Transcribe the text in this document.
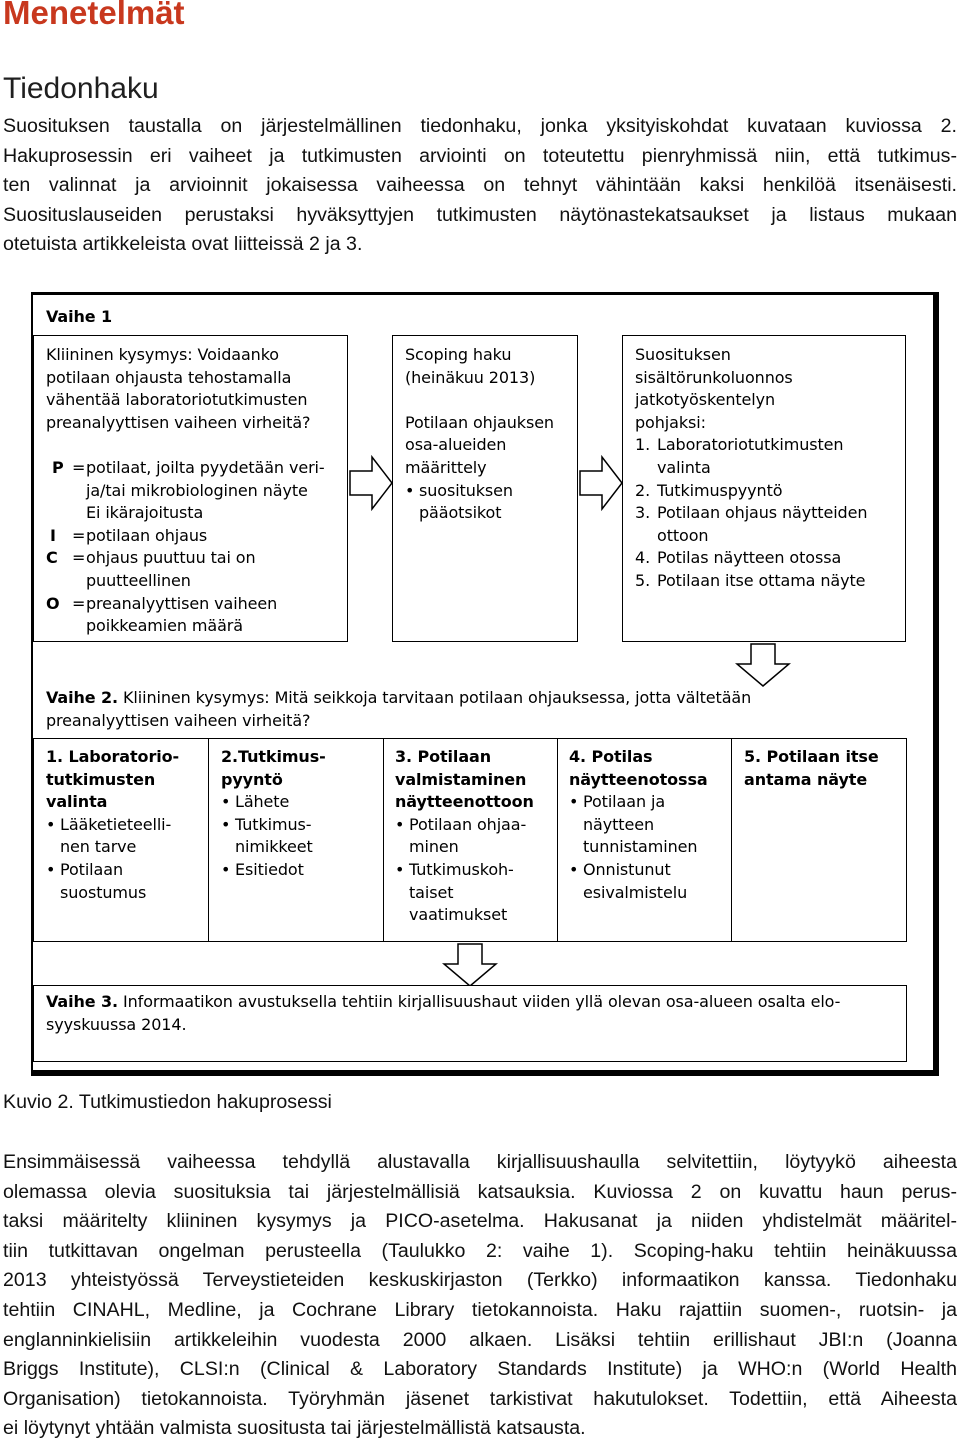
Menetelmät
Tiedonhaku

Suosituksen taustalla on järjestelmällinen tiedonhaku, jonka yksityiskohdat kuvataan kuviossa 2.
Hakuprosessin eri vaiheet ja tutkimusten arviointi on toteutettu pienryhmissä niin, että tutkimus-
ten valinnat ja arvioinnit jokaisessa vaiheessa on tehnyt vähintään kaksi henkilöä itsenäisesti.
Suosituslauseiden perustaksi hyväksyttyjen tutkimusten näytönastekatsaukset ja listaus mukaan
otetuista artikkeleista ovat liitteissä 2 ja 3.

Vaihe 1
Kliininen kysymys: Voidaanko
potilaan ohjausta tehostamalla
vähentää laboratoriotutkimusten
preanalyyttisen vaiheen virheitä?
P = potilaat, joilta pyydetään veri-
ja/tai mikrobiologinen näyte
Ei ikärajoitusta
I	= potilaan ohjaus
C = ohjaus puuttuu tai on
puutteellinen
O = preanalyyttisen vaiheen
poikkeamien määrä
Scoping haku
(heinäkuu 2013)
Potilaan ohjauksen
osa-alueiden
määrittely
• suosituksen
pääotsikot
Suosituksen
sisältörunkoluonnos
jatkotyöskentelyn
pohjaksi:
1. Laboratoriotutkimusten
valinta
2. Tutkimuspyyntö
3. Potilaan ohjaus näytteiden
ottoon
4. Potilas näytteen otossa
5. Potilaan itse ottama näyte
Vaihe 2. Kliininen kysymys: Mitä seikkoja tarvitaan potilaan ohjauksessa, jotta vältetään
preanalyyttisen vaiheen virheitä?
1. Laboratorio-
tutkimusten
valinta
• Lääketieteelli-
nen tarve
• Potilaan
suostumus
2.Tutkimus-
pyyntö
• Lähete
• Tutkimus-
nimikkeet
• Esitiedot
3. Potilaan
valmistaminen
näytteenottoon
• Potilaan ohjaa-
minen
• Tutkimuskoh-
taiset
vaatimukset
4. Potilas
näytteenotossa
• Potilaan ja
näytteen
tunnistaminen
• Onnistunut
esivalmistelu
5. Potilaan itse
antama näyte
Vaihe 3. Informaatikon avustuksella tehtiin kirjallisuushaut viiden yllä olevan osa-alueen osalta elo-
syyskuussa 2014.

Kuvio 2. Tutkimustiedon hakuprosessi

Ensimmäisessä vaiheessa tehdyllä alustavalla kirjallisuushaulla selvitettiin, löytyykö aiheesta
olemassa olevia suosituksia tai järjestelmällisiä katsauksia. Kuviossa 2 on kuvattu haun perus-
taksi määritelty kliininen kysymys ja PICO-asetelma. Hakusanat ja niiden yhdistelmät määritel-
tiin tutkittavan ongelman perusteella (Taulukko 2: vaihe 1). Scoping-haku tehtiin heinäkuussa
2013 yhteistyössä Terveystieteiden keskuskirjaston (Terkko) informaatikon kanssa. Tiedonhaku
tehtiin CINAHL, Medline, ja Cochrane Library tietokannoista. Haku rajattiin suomen-, ruotsin- ja
englanninkielisiin artikkeleihin vuodesta 2000 alkaen. Lisäksi tehtiin erillishaut JBI:n (Joanna
Briggs Institute), CLSI:n (Clinical & Laboratory Standards Institute) ja WHO:n (World Health
Organisation) tietokannoista. Työryhmän jäsenet tarkistivat hakutulokset. Todettiin, että Aiheesta
ei löytynyt yhtään valmista suositusta tai järjestelmällistä katsausta.
